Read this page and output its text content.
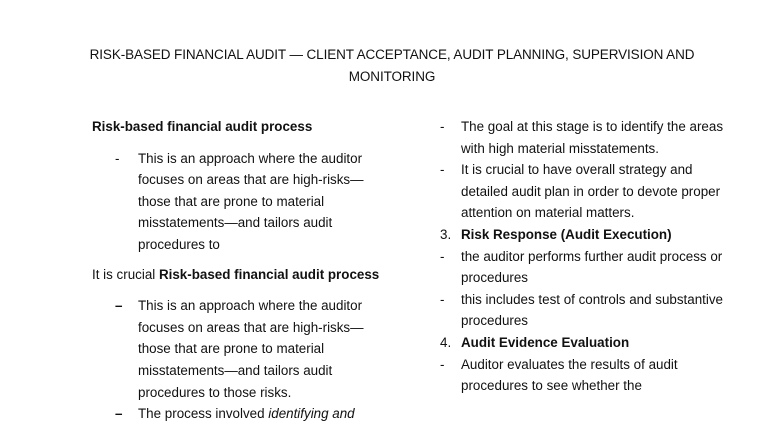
RISK-BASED FINANCIAL AUDIT — CLIENT ACCEPTANCE, AUDIT PLANNING, SUPERVISION AND
MONITORING
Risk-based financial audit process
- This is an approach where the auditor focuses on areas that are high-risks—those that are prone to material misstatements—and tailors audit procedures to
It is crucial Risk-based financial audit process
– This is an approach where the auditor focuses on areas that are high-risks—those that are prone to material misstatements—and tailors audit procedures to those risks.
– The process involved identifying and
- The goal at this stage is to identify the areas with high material misstatements.
- It is crucial to have overall strategy and detailed audit plan in order to devote proper attention on material matters.
3. Risk Response (Audit Execution)
- the auditor performs further audit process or procedures
- this includes test of controls and substantive procedures
4. Audit Evidence Evaluation
- Auditor evaluates the results of audit procedures to see whether the
